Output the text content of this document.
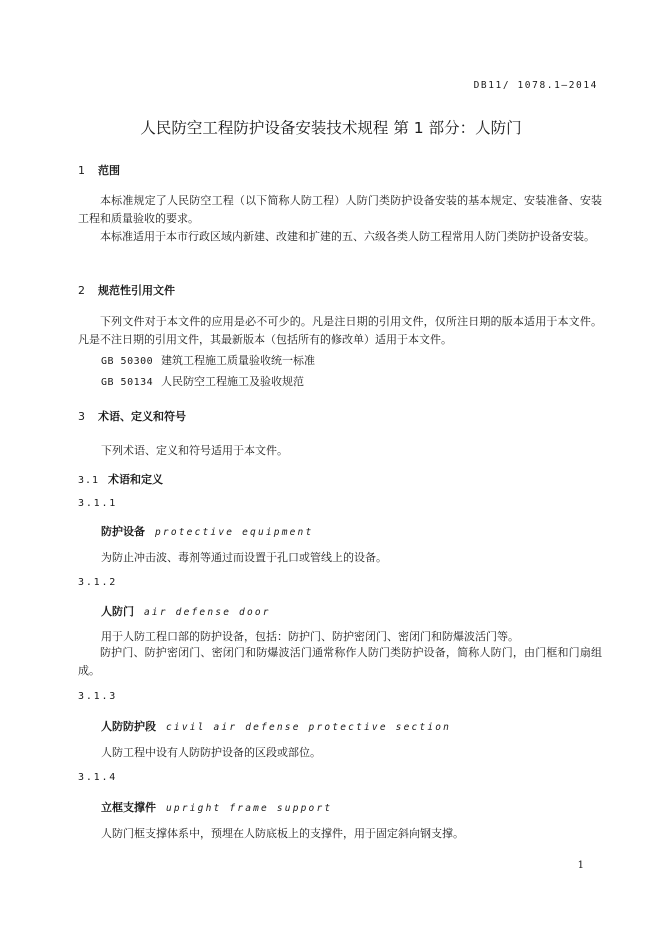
DB11/ 1078.1—2014
人民防空工程防护设备安装技术规程 第 1 部分：人防门
1 范围
本标准规定了人民防空工程（以下简称人防工程）人防门类防护设备安装的基本规定、安装准备、安装工程和质量验收的要求。
本标准适用于本市行政区域内新建、改建和扩建的五、六级各类人防工程常用人防门类防护设备安装。
2 规范性引用文件
下列文件对于本文件的应用是必不可少的。凡是注日期的引用文件，仅所注日期的版本适用于本文件。凡是不注日期的引用文件，其最新版本（包括所有的修改单）适用于本文件。
GB 50300 建筑工程施工质量验收统一标准
GB 50134 人民防空工程施工及验收规范
3 术语、定义和符号
下列术语、定义和符号适用于本文件。
3.1 术语和定义
3.1.1
防护设备 protective equipment
为防止冲击波、毒剂等通过而设置于孔口或管线上的设备。
3.1.2
人防门 air defense door
用于人防工程口部的防护设备，包括：防护门、防护密闭门、密闭门和防爆波活门等。
防护门、防护密闭门、密闭门和防爆波活门通常称作人防门类防护设备，简称人防门，由门框和门扇组成。
3.1.3
人防防护段 civil air defense protective section
人防工程中设有人防防护设备的区段或部位。
3.1.4
立框支撑件 upright frame support
人防门框支撑体系中，预埋在人防底板上的支撑件，用于固定斜向钢支撑。
1
